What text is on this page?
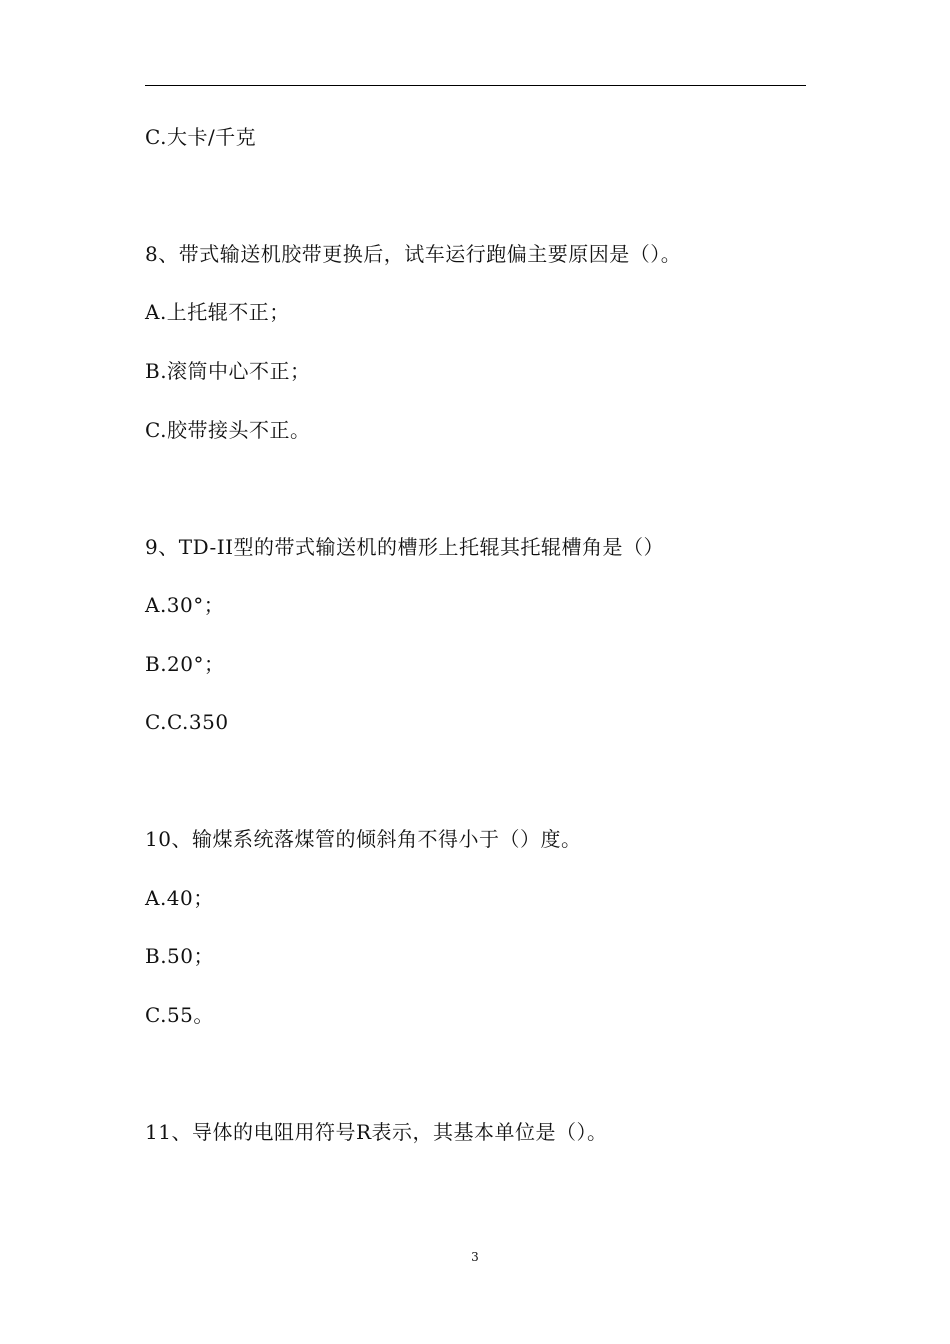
C.大卡/千克
8、带式输送机胶带更换后，试车运行跑偏主要原因是（）。
A.上托辊不正；
B.滚筒中心不正；
C.胶带接头不正。
9、TD-II型的带式输送机的槽形上托辊其托辊槽角是（）
A.30°；
B.20°；
C.C.350
10、输煤系统落煤管的倾斜角不得小于（）度。
A.40；
B.50；
C.55。
11、导体的电阻用符号R表示，其基本单位是（）。
3
